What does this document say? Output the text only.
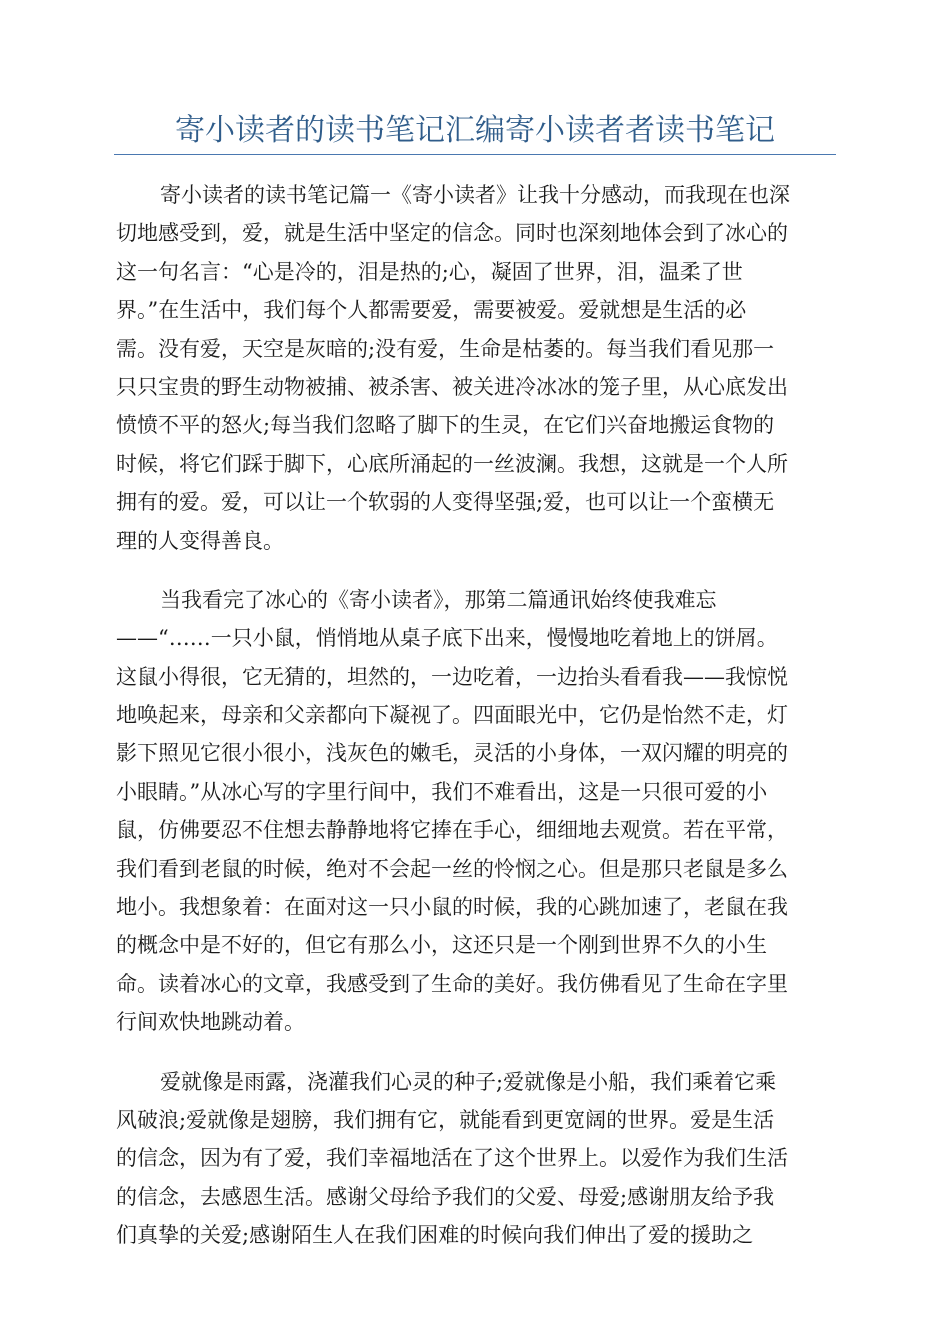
寄小读者的读书笔记汇编寄小读者者读书笔记
寄小读者的读书笔记篇一《寄小读者》让我十分感动，而我现在也深
切地感受到，爱，就是生活中坚定的信念。同时也深刻地体会到了冰心的
这一句名言：“心是冷的，泪是热的;心，凝固了世界，泪，温柔了世
界。”在生活中，我们每个人都需要爱，需要被爱。爱就想是生活的必
需。没有爱，天空是灰暗的;没有爱，生命是枯萎的。每当我们看见那一
只只宝贵的野生动物被捕、被杀害、被关进冷冰冰的笼子里，从心底发出
愤愤不平的怒火;每当我们忽略了脚下的生灵，在它们兴奋地搬运食物的
时候，将它们踩于脚下，心底所涌起的一丝波澜。我想，这就是一个人所
拥有的爱。爱，可以让一个软弱的人变得坚强;爱，也可以让一个蛮横无
理的人变得善良。
当我看完了冰心的《寄小读者》，那第二篇通讯始终使我难忘
——“……一只小鼠，悄悄地从桌子底下出来，慢慢地吃着地上的饼屑。
这鼠小得很，它无猜的，坦然的，一边吃着，一边抬头看看我——我惊悦
地唤起来，母亲和父亲都向下凝视了。四面眼光中，它仍是怡然不走，灯
影下照见它很小很小，浅灰色的嫩毛，灵活的小身体，一双闪耀的明亮的
小眼睛。”从冰心写的字里行间中，我们不难看出，这是一只很可爱的小
鼠，仿佛要忍不住想去静静地将它捧在手心，细细地去观赏。若在平常，
我们看到老鼠的时候，绝对不会起一丝的怜悯之心。但是那只老鼠是多么
地小。我想象着：在面对这一只小鼠的时候，我的心跳加速了，老鼠在我
的概念中是不好的，但它有那么小，这还只是一个刚到世界不久的小生
命。读着冰心的文章，我感受到了生命的美好。我仿佛看见了生命在字里
行间欢快地跳动着。
爱就像是雨露，浇灌我们心灵的种子;爱就像是小船，我们乘着它乘
风破浪;爱就像是翅膀，我们拥有它，就能看到更宽阔的世界。爱是生活
的信念，因为有了爱，我们幸福地活在了这个世界上。以爱作为我们生活
的信念，去感恩生活。感谢父母给予我们的父爱、母爱;感谢朋友给予我
们真挚的关爱;感谢陌生人在我们困难的时候向我们伸出了爱的援助之
